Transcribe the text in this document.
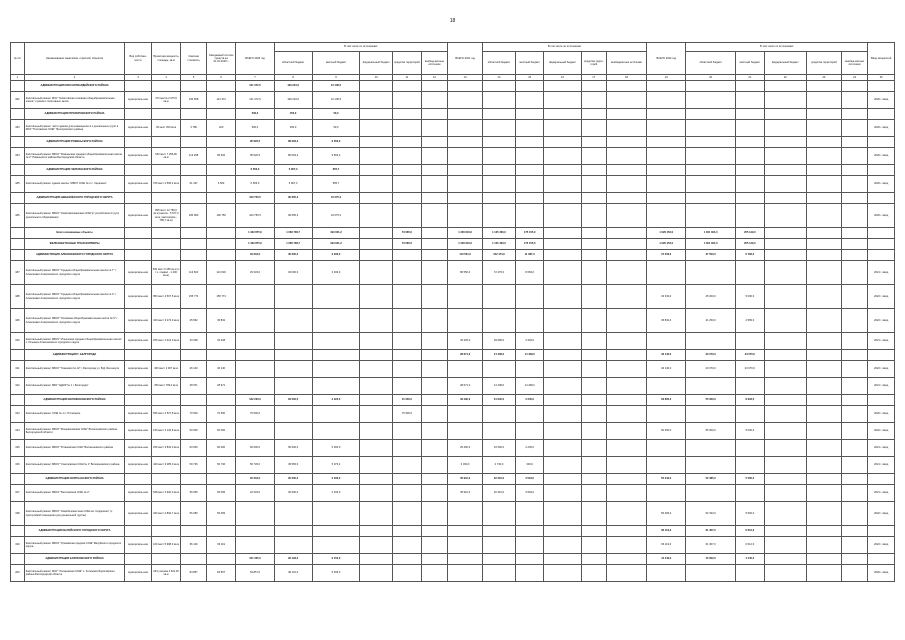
18
№ п/п	Наименование заказчиков, отраслей, объектов	Вид собствен-ности	Проектная мощность, площадь, кв.м	Сметная стоимость	Ожидаемый остаток средств на 01.01.2020 г.	ВСЕГО 2020 год	В том числе по источникам:					ВСЕГО 2021 год	В том числе по источникам:					ВСЕГО 2022 год	В том числе по источникам:					Ввод мощностей
							областной бюджет	местный бюджет	федеральный бюджет	средства территорий	внебюд-жетные источники		областной бюджет	местный бюджет	федеральный бюджет	средства терри-торий	внебюджетные источники		областной бюджет	местный бюджет	федеральный бюджет	средства территорий	внебюд-жетные источники	
1	2	3	4	5	6	7	8	9	10	11	12	13	14	15	16	17	18	19	20	21	22	23	24	25
	АДМИНИСТРАЦИЯ КРАСНОГВАРДЕЙСКОГО РАЙОНА					121 372,5	109 224,0	12 138,5																
182	Капитальный ремонт МОУ "Никитовская основная общеобразовательная школа" и ремонт спортивных залов	муниципаль-ная	272 места 2 075,5 кв.м	230 508	121 372	121 372,5	109 224,0	12 138,5																2020 г. ввод
	АДМИНИСТРАЦИЯ ПРОХОРОВСКОГО РАЙОНА					500,0	450,0	50,0																
183	Капитальный ремонт части здания для размещения 2-х дошкольных групп в МОУ "Плотавская СОШ" Прохоровского района	муниципаль-ная	30 мест 250 кв.м	3 786	220	500,0	450,0	50,0																2020 г. ввод
	АДМИНИСТРАЦИЯ РОВЕНЬСКОГО РАЙОНА					95 626,5	86 063,3	9 563,2																
184	Капитальный ремонт МБОУ "Ровеньская средняя общеобразовательная школа № 2" Ровеньского района Белгородской области	муниципаль-ная	540 мест 7 256,00 кв.м	113 258	95 626	95 626,5	86 063,3	9 563,2																2020 г. ввод
	АДМИНИСТРАЦИЯ ЧЕРНЯНСКОГО РАЙОНА					6 563,0	5 907,3	655,7																
185	Капитальный ремонт здания школы "МБОУ СОШ № 2 с. Чернянка"	муниципаль-ная	700 мест 2 596,2 кв.м	61 337	6 563	6 563,0	5 907,3	655,7																2020 г. ввод
	АДМИНИСТРАЦИЯ ШЕБЕКИНСКОГО ГОРОДСКОГО ОКРУГА					100 750,5	90 655,3	10 075,2																
186	Капитальный ремонт МБОУ "Новотаволжанская СОШ"(с устройством 2 групп дошкольного образования)	муниципаль-ная	805 мест 12 783,0 кв.м (школа - 5 977,0 кв.м; мастерские - 789,7 кв.м)	180 990	100 750	100 750,5	90 655,3	10 075,2																2020 г. ввод
	Всего начинаемые объекты					1 332 875,0	1 066 708,7	193 001,2		73 065,0		1 300 616,0	1 125 460,0	175 155,0				1 026 453,0	1 001 304,0	255 149,0				
	ЖЕЛЕЗОБЕТОННЫЕ ТРАНСФОРМЕРЫ					1 332 875,0	1 066 708,7	193 001,2		73 065,0		1 300 616,0	1 125 460,0	175 155,0				1 026 453,0	1 001 304,0	255 149,0				
	АДМИНИСТРАЦИЯ АЛЕКСЕЕВСКОГО ГОРОДСКОГО ОКРУГА					33 333,0	30 000,0	3 333,0				113 561,0	102 474,0	11 087,0				37 533,0	37 500,0	6 783,0				
187	Капитальный ремонт МБОУ "Средняя общеобразовательная школа № 7" г. Алексеевки Алексеевского городского округа	муниципаль-ная	600 мест 6 350 кв.м (с т.ч. подвал - 1 200 кв.м)	113 600	113 600	33 333,0	30 000,0	3 333,0				80 556,0	72 476,0	8 084,0										2021 г. ввод
188	Капитальный ремонт МБОУ "Средняя общеобразовательная школа № 4" г. Алексеевки Алексеевского городского округа	муниципаль-ная	850 мест 4 567,5 кв.м	155 774	155 774													33 333,0	45 000,0	5 000,0				2022 г. ввод
189	Капитальный ремонт МБОУ "Основная общеобразовательная школа № 5" г. Алексеевки Алексеевского городского округа	муниципаль-ная	320 мест 3 274,0 кв.м	45 832	45 832													45 832,0	41 250,0	4 583,0				2022 г. ввод
190	Капитальный ремонт МБОУ "Ильинская средняя общеобразовательная школа" с. Ильинка Алексеевского городского округа	муниципаль-ная	250 мест 1 014,0 кв.м	33 328	33 328							33 325,0	29 995,0	3 333,0										2021 г. ввод
	АДМИНИСТРАЦИЯ Г. БЕЛГОРОДА											28 671,0	14 438,0	14 438,0				46 140,0	23 070,0	23 070,0				
191	Капитальный ремонт МБОУ "Гимназия № 12" г. Белгорода ул. В.Д. Бегеннуля	муниципаль-ная	400 мест 2 367 кв.м	46 140	46 140													46 140,0	23 070,0	23 070,0				2022 г. ввод
192	Капитальный ремонт МБУ "ЦДОР № 1 г. Белгорода"	муниципаль-ная	250 мест 799,0 кв.м	28 971	28 971							28 671,0	14 438,0	14 438,0										2021 г. ввод
	АДМИНИСТРАЦИЯ ВОЛОКОНОВСКОГО РАЙОНА					102 233,0	84 000,0	3 323,0		15 000,0		33 490,0	31 940,0	2 245,0				63 800,0	55 000,0	8 933,0				
193	Капитальный ремонт СОШ № 1 п. Пятницкое	муниципаль-ная	650 мест 4 527,8 кв.м	70 500	70 500	70 500,0				70 500,0														2020 г. ввод
194	Капитальный ремонт МБОУ "Фощеватовская СОШ" Волоконовского района Белгородской области	муниципаль-ная	150 мест 3 133,8 кв.м	60 000	60 000													60 000,0	55 000,0	5 000,0				2022 г. ввод
195	Капитальный ремонт МБОУ "Ютановская СОШ" Волоконовского района	муниципаль-ная	250 мест 3 832,0 кв.м	60 000	60 000	60 000,0	50 000,0	5 000,0				25 450,0	16 500,0	2 245,0										2021 г. ввод
196	Капитальный ремонт МБОУ "Соколовская СОШ № 1" Волоконовского района	муниципаль-ная	420 мест 3 285,0 кв.м	50 736	50 736	50 736,0	45 565,0	5 073,2				3 030,0	2 730,0	300,0										2021 г. ввод
	АДМИНИСТРАЦИЯ КОРОЧАНСКОГО РАЙОНА					22 333,0	20 000,0	2 333,0				35 910,0	32 316,0	3 594,0				55 343,0	52 385,0	5 500,0				
197	Капитальный ремонт МБОУ "Бехтеевская СОШ № 2"	муниципаль-ная	528 мест 4 920,0 кв.м	95 065	95 065	22 333,0	20 000,0	2 333,0				35 910,0	32 316,0	3 594,0										2021 г. ввод
198	Капитальный ремонт МБОУ "Новобеломестная СОШ им. Сидоренко" (с пристройкой помещения для дошкольной группы)	муниципаль-ная	340 мест 2 894,7 кв.м	56 283	56 283													56 283,0	52 333,0	5 500,0				2022 г. ввод
	АДМИНИСТРАЦИЯ ВАЛУЙСКОГО ГОРОДСКОГО ОКРУГА																	66 119,0	61 307,0	6 612,0				
199	Капитальный ремонт МБОУ "Уразовская средняя СОШ" Валуйского городского округа	муниципаль-ная	100 мест 5 998,3 кв.м	66 119	66 119													66 119,0	61 307,0	6 612,0				2022 г. ввод
	АДМИНИСТРАЦИЯ БОРИСОВСКОГО РАЙОНА					101 325,0	92 193,0	9 152,0										44 449,0	40 002,0	4 445,0				
200	Капитальный ремонт МОУ "Хотмыжская СОШ" с. Хотмыжск Борисовского района Белгородской области	муниципаль-ная	264 ученика 2 621,20 кв.м	84 857	84 857	54 857,0	48 101,0	5 455,0																2020 г. ввод
